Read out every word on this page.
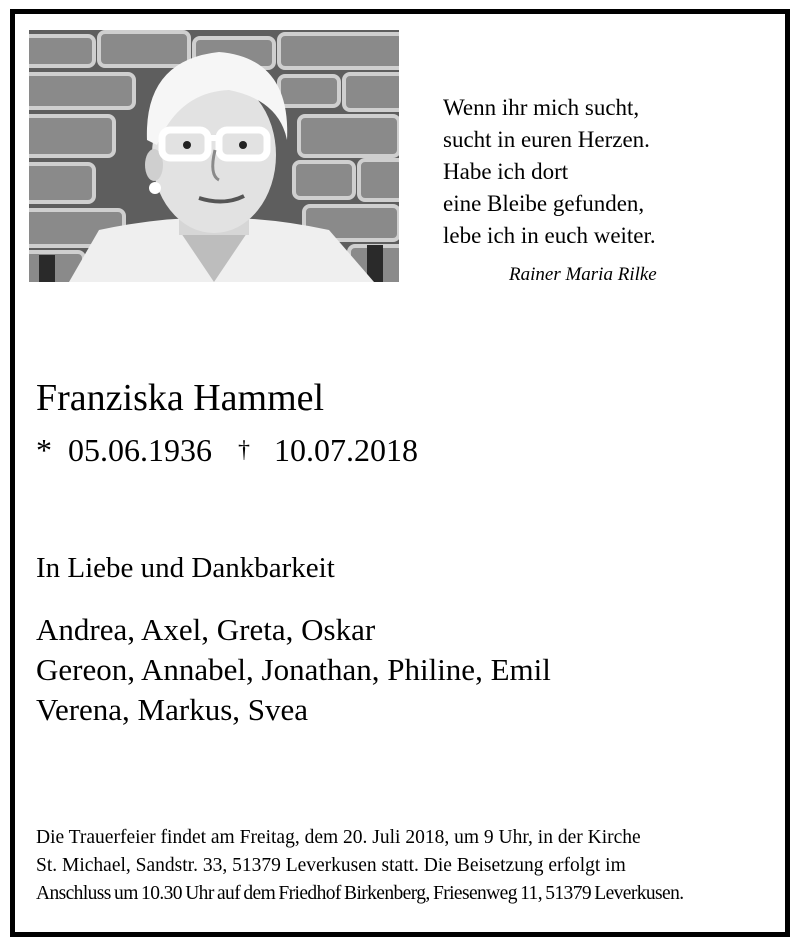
Wenn ihr mich sucht,
sucht in euren Herzen.
Habe ich dort
eine Bleibe gefunden,
lebe ich in euch weiter.
Rainer Maria Rilke
Franziska Hammel
* 05.06.1936 † 10.07.2018
In Liebe und Dankbarkeit
Andrea, Axel, Greta, Oskar
Gereon, Annabel, Jonathan, Philine, Emil
Verena, Markus, Svea
Die Trauerfeier findet am Freitag, dem 20. Juli 2018, um 9 Uhr, in der Kirche
St. Michael, Sandstr. 33, 51379 Leverkusen statt. Die Beisetzung erfolgt im
Anschluss um 10.30 Uhr auf dem Friedhof Birkenberg, Friesenweg 11, 51379 Leverkusen.
